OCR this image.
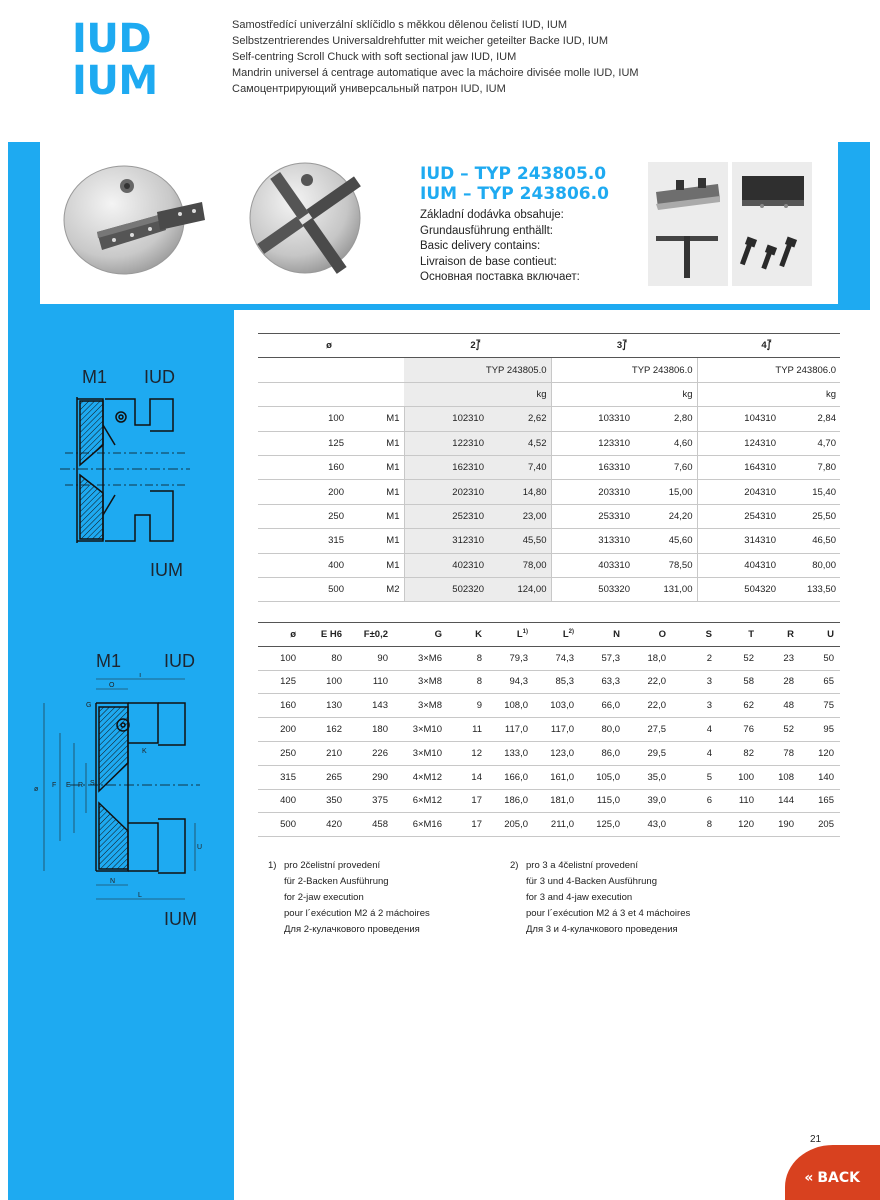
IUD
IUM
Samostředící univerzální sklíčidlo s měkkou dělenou čelistí IUD, IUM
Selbstzentrierendes Universaldrehfutter mit weicher geteilter Backe IUD, IUM
Self-centring Scroll Chuck with soft sectional jaw IUD, IUM
Mandrin universel á centrage automatique avec la máchoire divisée molle IUD, IUM
Самоцентрирующий универсальный патрон IUD, IUM
IUD – TYP 243805.0
IUM – TYP 243806.0
Základní dodávka obsahuje:
Grundausführung enthällt:
Basic delivery contains:
Livraison de base contieut:
Основная поставка включает:
M1 IUD
IUM
M1 IUD
IUM
ø
F E R S
O
T
G
K
U
N
L
ø		2⨛		3⨛		4⨛	
		TYP 243805.0		TYP 243806.0		TYP 243806.0	
		kg		kg		kg	
100	M1	102310	2,62	103310	2,80	104310	2,84
125	M1	122310	4,52	123310	4,60	124310	4,70
160	M1	162310	7,40	163310	7,60	164310	7,80
200	M1	202310	14,80	203310	15,00	204310	15,40
250	M1	252310	23,00	253310	24,20	254310	25,50
315	M1	312310	45,50	313310	45,60	314310	46,50
400	M1	402310	78,00	403310	78,50	404310	80,00
500	M2	502320	124,00	503320	131,00	504320	133,50
ø	E H6	F±0,2	G	K	$L^{1)}$	$L^{2)}$	N	O	S	T	R	U
100	80	90	3×M6	8	79,3	74,3	57,3	18,0	2	52	23	50
125	100	110	3×M8	8	94,3	85,3	63,3	22,0	3	58	28	65
160	130	143	3×M8	9	108,0	103,0	66,0	22,0	3	62	48	75
200	162	180	3×M10	11	117,0	117,0	80,0	27,5	4	76	52	95
250	210	226	3×M10	12	133,0	123,0	86,0	29,5	4	82	78	120
315	265	290	4×M12	14	166,0	161,0	105,0	35,0	5	100	108	140
400	350	375	6×M12	17	186,0	181,0	115,0	39,0	6	110	144	165
500	420	458	6×M16	17	205,0	211,0	125,0	43,0	8	120	190	205
1) pro 2čelistní provedení
für 2-Backen Ausführung
for 2-jaw execution
pour l´exécution M2 á 2 máchoires
Для 2-кулачкового проведения
2) pro 3 a 4čelistní provedení
für 3 und 4-Backen Ausführung
for 3 and 4-jaw execution
pour l´exécution M2 á 3 et 4 máchoires
Для 3 и 4-кулачкового проведения
21
« BACK
